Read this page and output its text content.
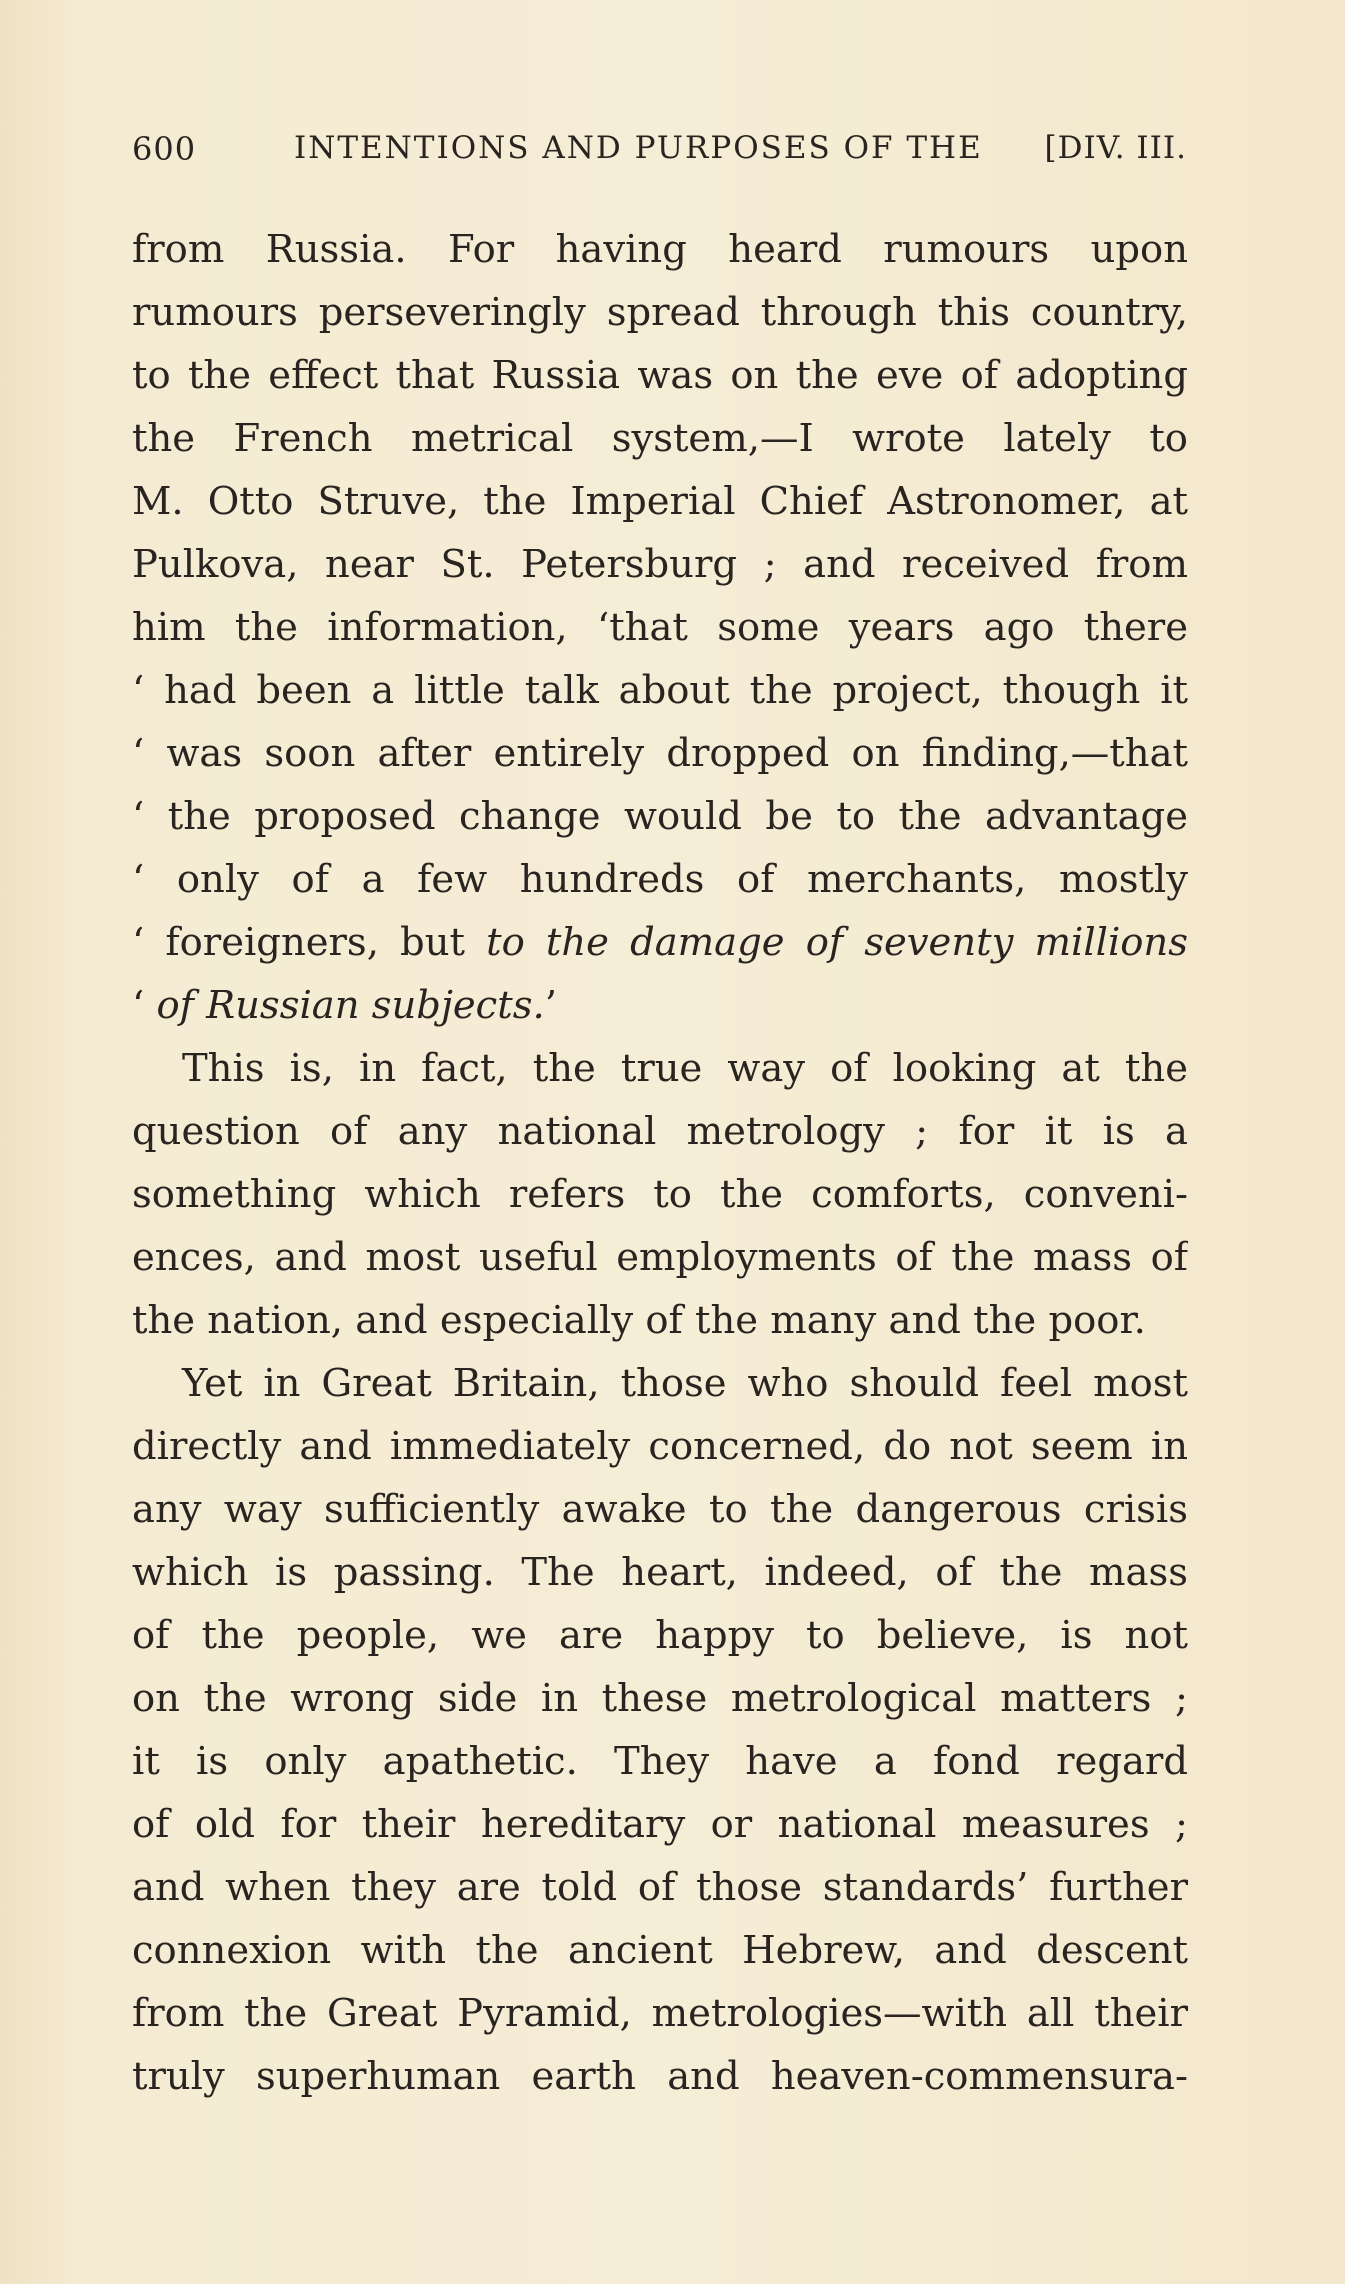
600	INTENTIONS AND PURPOSES OF THE [DIV. III.
from Russia. For having heard rumours upon
rumours perseveringly spread through this country,
to the effect that Russia was on the eve of adopting
the French metrical system,—I wrote lately to
M. Otto Struve, the Imperial Chief Astronomer, at
Pulkova, near St. Petersburg ; and received from
him the information, ‘that some years ago there
‘ had been a little talk about the project, though it
‘ was soon after entirely dropped on finding,—that
‘ the proposed change would be to the advantage
‘ only of a few hundreds of merchants, mostly
‘ foreigners, but to the damage of seventy millions
‘ of Russian subjects.’
This is, in fact, the true way of looking at the
question of any national metrology ; for it is a
something which refers to the comforts, conveni-
ences, and most useful employments of the mass of
the nation, and especially of the many and the poor.
Yet in Great Britain, those who should feel most
directly and immediately concerned, do not seem in
any way sufficiently awake to the dangerous crisis
which is passing. The heart, indeed, of the mass
of the people, we are happy to believe, is not
on the wrong side in these metrological matters ;
it is only apathetic. They have a fond regard
of old for their hereditary or national measures ;
and when they are told of those standards’ further
connexion with the ancient Hebrew, and descent
from the Great Pyramid, metrologies—with all their
truly superhuman earth and heaven-commensura-
